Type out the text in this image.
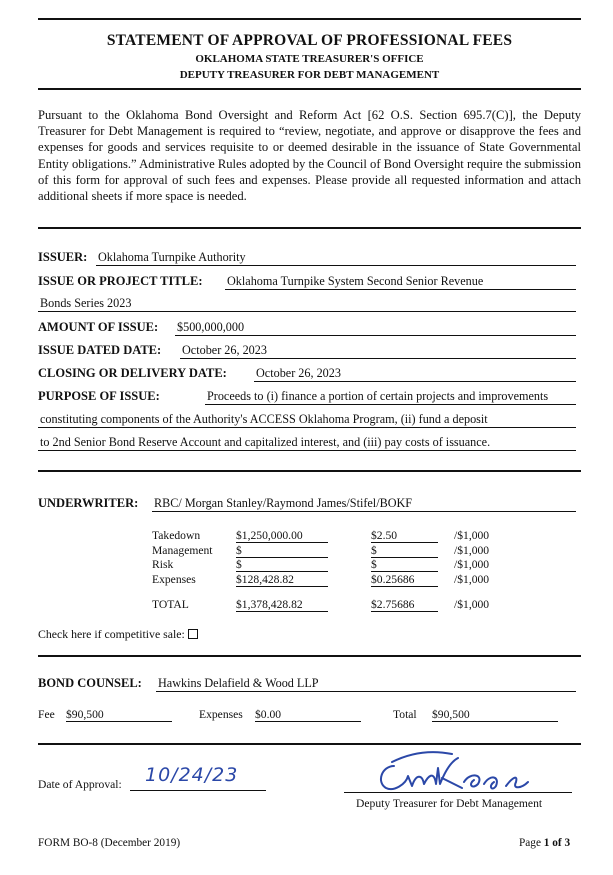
STATEMENT OF APPROVAL OF PROFESSIONAL FEES
OKLAHOMA STATE TREASURER'S OFFICE
DEPUTY TREASURER FOR DEBT MANAGEMENT
Pursuant to the Oklahoma Bond Oversight and Reform Act [62 O.S. Section 695.7(C)], the Deputy Treasurer for Debt Management is required to “review, negotiate, and approve or disapprove the fees and expenses for goods and services requisite to or deemed desirable in the issuance of State Governmental Entity obligations.” Administrative Rules adopted by the Council of Bond Oversight require the submission of this form for approval of such fees and expenses. Please provide all requested information and attach additional sheets if more space is needed.
ISSUER: Oklahoma Turnpike Authority
ISSUE OR PROJECT TITLE: Oklahoma Turnpike System Second Senior Revenue
Bonds Series 2023
AMOUNT OF ISSUE: $500,000,000
ISSUE DATED DATE: October 26, 2023
CLOSING OR DELIVERY DATE: October 26, 2023
PURPOSE OF ISSUE:	Proceeds to (i) finance a portion of certain projects and improvements
constituting components of the Authority's ACCESS Oklahoma Program, (ii) fund a deposit
to 2nd Senior Bond Reserve Account and capitalized interest, and (iii) pay costs of issuance.
UNDERWRITER: RBC/ Morgan Stanley/Raymond James/Stifel/BOKF
Takedown	$1,250,000.00	$2.50	/$1,000
Management $	$	/$1,000
Risk	$	$	/$1,000
Expenses	$128,428.82	$0.25686	/$1,000
TOTAL	$1,378,428.82	$2.75686	/$1,000
Check here if competitive sale:
BOND COUNSEL: Hawkins Delafield & Wood LLP
Fee $90,500	Expenses $0.00	Total $90,500
Date of Approval: 10/24/23
Deputy Treasurer for Debt Management
FORM BO-8 (December 2019)	Page 1 of 3
